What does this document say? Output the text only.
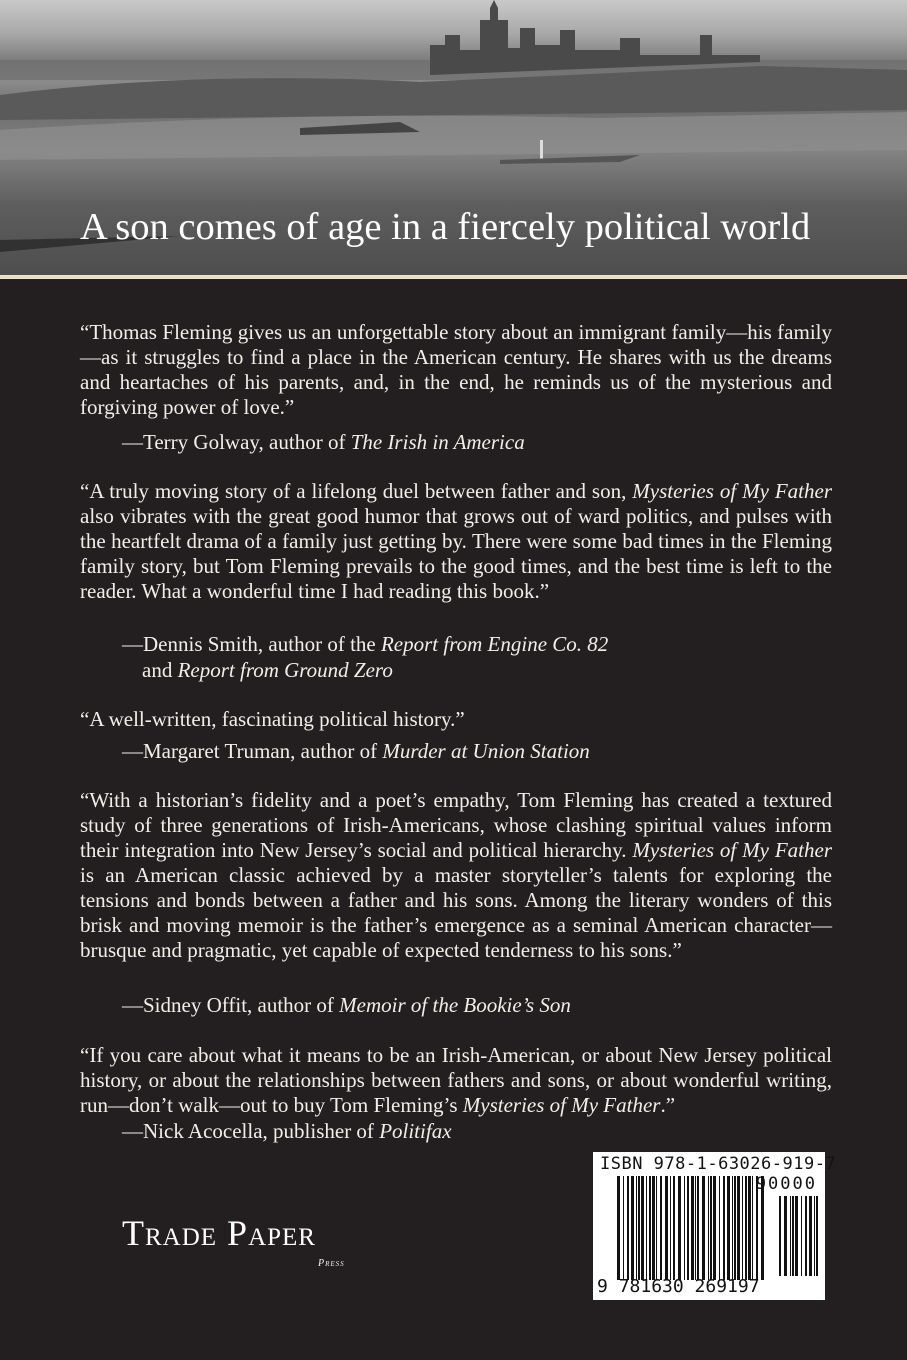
A son comes of age in a fiercely political world

“Thomas Fleming gives us an unforgettable story about an immigrant family—his family—as it struggles to find a place in the American century. He shares with us the dreams and heartaches of his parents, and, in the end, he reminds us of the mysterious and forgiving power of love.”

—Terry Golway, author of The Irish in America

“A truly moving story of a lifelong duel between father and son, Mysteries of My Father also vibrates with the great good humor that grows out of ward politics, and pulses with the heartfelt drama of a family just getting by. There were some bad times in the Fleming family story, but Tom Fleming prevails to the good times, and the best time is left to the reader. What a wonderful time I had reading this book.”

—Dennis Smith, author of the Report from Engine Co. 82
and Report from Ground Zero

“A well-written, fascinating political history.”

—Margaret Truman, author of Murder at Union Station

“With a historian’s fidelity and a poet’s empathy, Tom Fleming has created a textured study of three generations of Irish-Americans, whose clashing spiritual values inform their integration into New Jersey’s social and political hierarchy. Mysteries of My Father is an American classic achieved by a master storyteller’s talents for exploring the tensions and bonds between a father and his sons. Among the literary wonders of this brisk and moving memoir is the father’s emergence as a seminal American character—brusque and pragmatic, yet capable of expected tenderness to his sons.”

—Sidney Offit, author of Memoir of the Bookie’s Son

“If you care about what it means to be an Irish-American, or about New Jersey political history, or about the relationships between fathers and sons, or about wonderful writing, run—don’t walk—out to buy Tom Fleming’s Mysteries of My Father.”

—Nick Acocella, publisher of Politifax
Trade Paper
Press
ISBN 978-1-63026-919-7
90000
9 781630 269197
